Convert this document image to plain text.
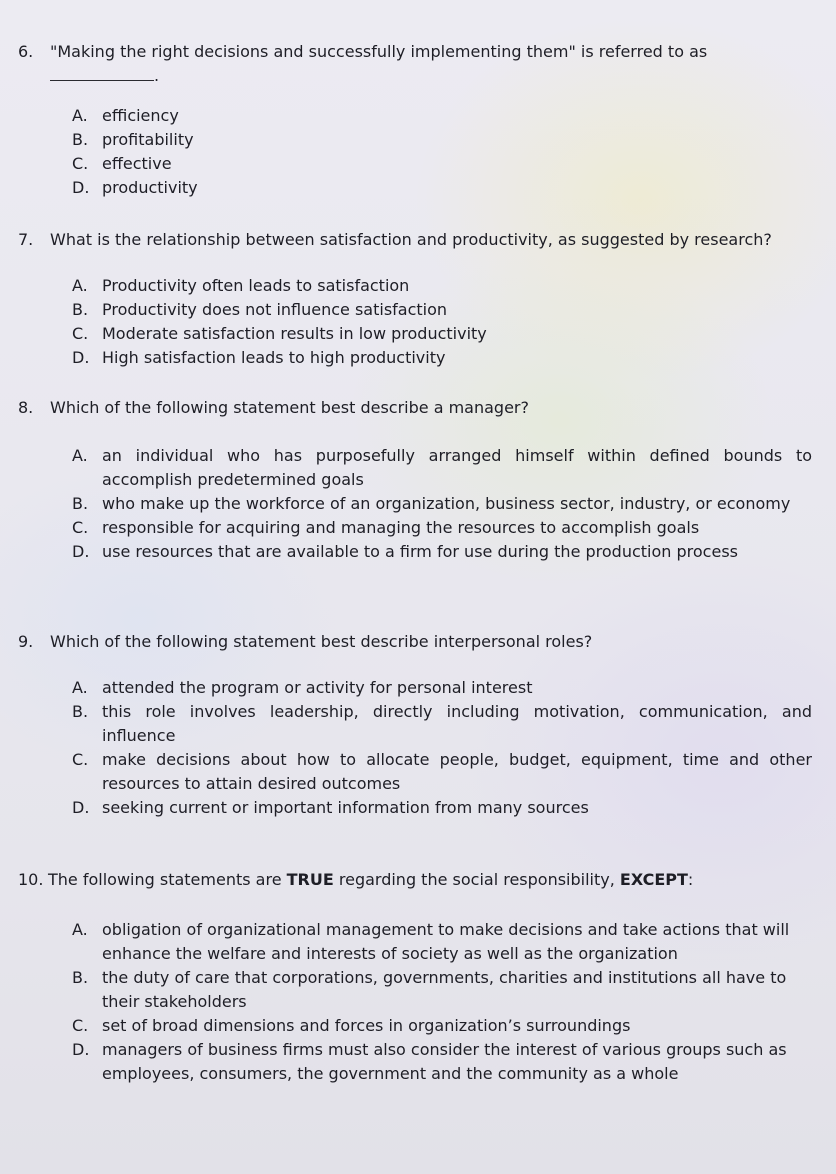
6.	"Making the right decisions and successfully implementing them" is referred to as
.
A. efficiency
B. profitability
C. effective
D. productivity
7.	What is the relationship between satisfaction and productivity, as suggested by research?
A. Productivity often leads to satisfaction
B. Productivity does not influence satisfaction
C. Moderate satisfaction results in low productivity
D. High satisfaction leads to high productivity
8.	Which of the following statement best describe a manager?
A. an individual who has purposefully arranged himself within defined bounds to accomplish predetermined goals
B. who make up the workforce of an organization, business sector, industry, or economy
C. responsible for acquiring and managing the resources to accomplish goals
D. use resources that are available to a firm for use during the production process
9.	Which of the following statement best describe interpersonal roles?
A. attended the program or activity for personal interest
B. this role involves leadership, directly including motivation, communication, and influence
C. make decisions about how to allocate people, budget, equipment, time and other resources to attain desired outcomes
D. seeking current or important information from many sources
10. The following statements are TRUE regarding the social responsibility, EXCEPT:
A. obligation of organizational management to make decisions and take actions that will enhance the welfare and interests of society as well as the organization
B. the duty of care that corporations, governments, charities and institutions all have to their stakeholders
C. set of broad dimensions and forces in organization’s surroundings
D. managers of business firms must also consider the interest of various groups such as employees, consumers, the government and the community as a whole
